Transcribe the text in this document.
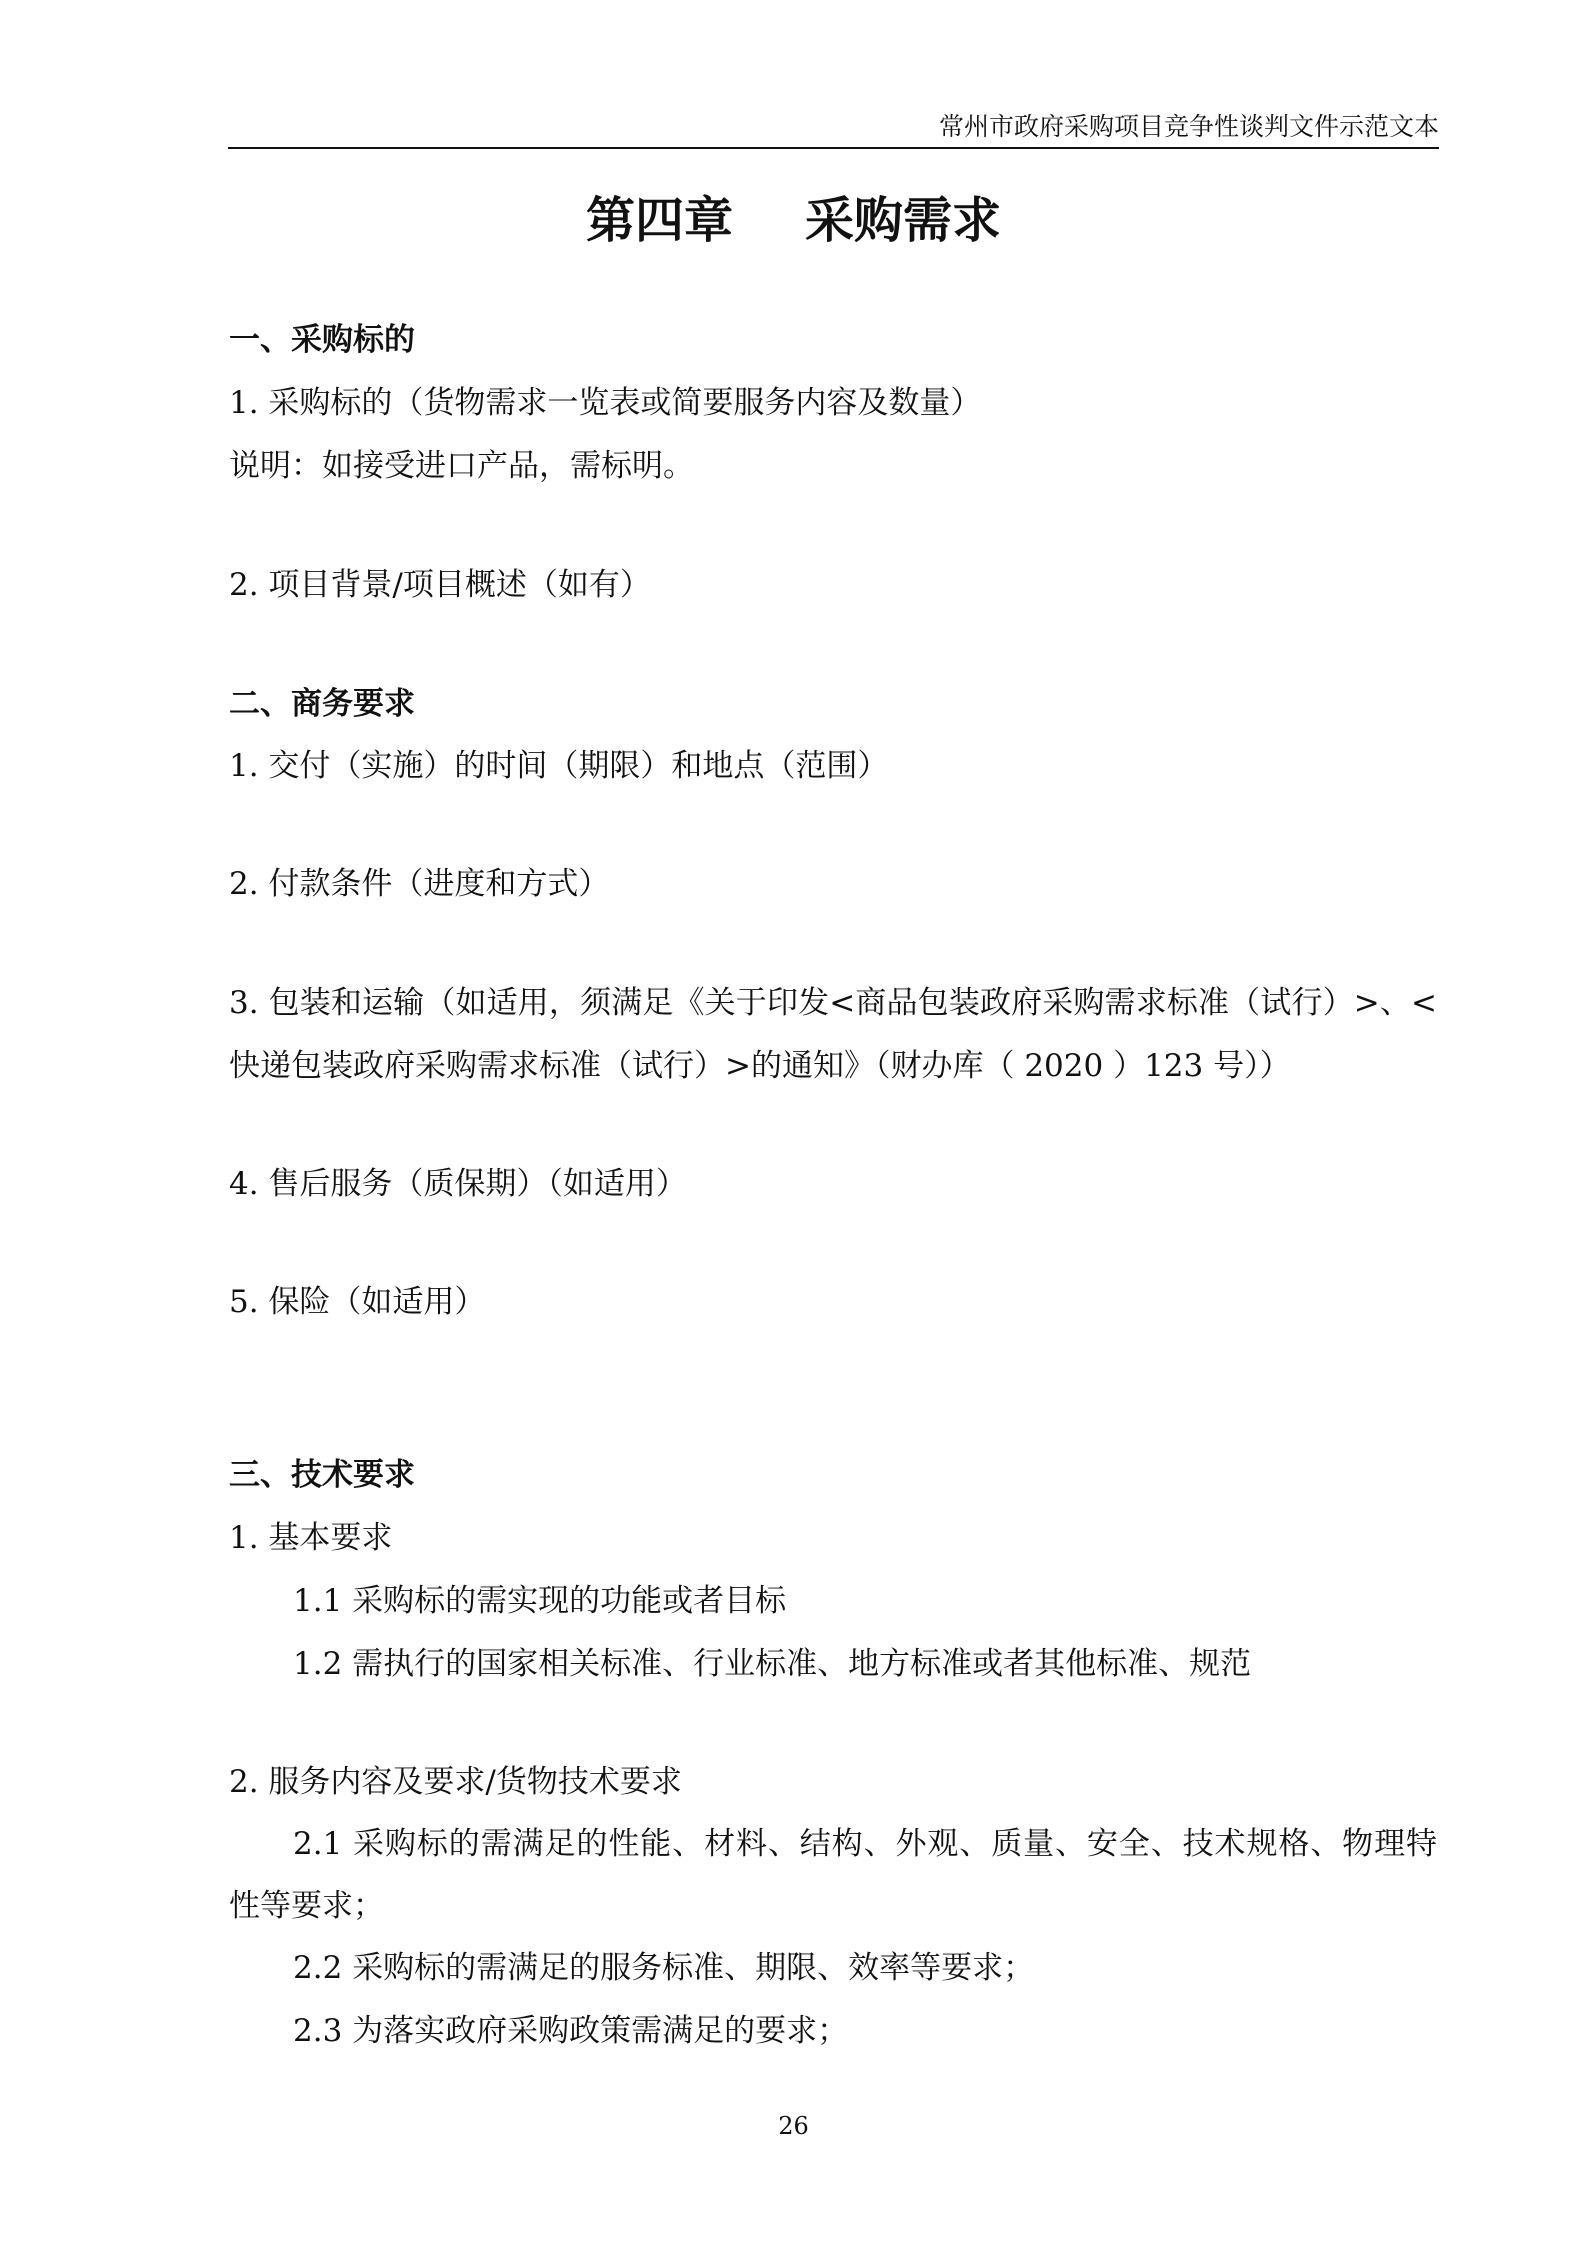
常州市政府采购项目竞争性谈判文件示范文本
第四章 采购需求
一、采购标的
1. 采购标的（货物需求一览表或简要服务内容及数量）
说明：如接受进口产品，需标明。
2. 项目背景/项目概述（如有）
二、商务要求
1. 交付（实施）的时间（期限）和地点（范围）
2. 付款条件（进度和方式）
3. 包装和运输（如适用，须满足《关于印发<商品包装政府采购需求标准（试行）>、<
快递包装政府采购需求标准（试行）>的通知》（财办库（ 2020 ）123 号））
4. 售后服务（质保期）（如适用）
5. 保险（如适用）
三、技术要求
1. 基本要求
1.1 采购标的需实现的功能或者目标
1.2 需执行的国家相关标准、行业标准、地方标准或者其他标准、规范
2. 服务内容及要求/货物技术要求
2.1 采购标的需满足的性能、材料、结构、外观、质量、安全、技术规格、物理特
性等要求；
2.2 采购标的需满足的服务标准、期限、效率等要求；
2.3 为落实政府采购政策需满足的要求；
26
